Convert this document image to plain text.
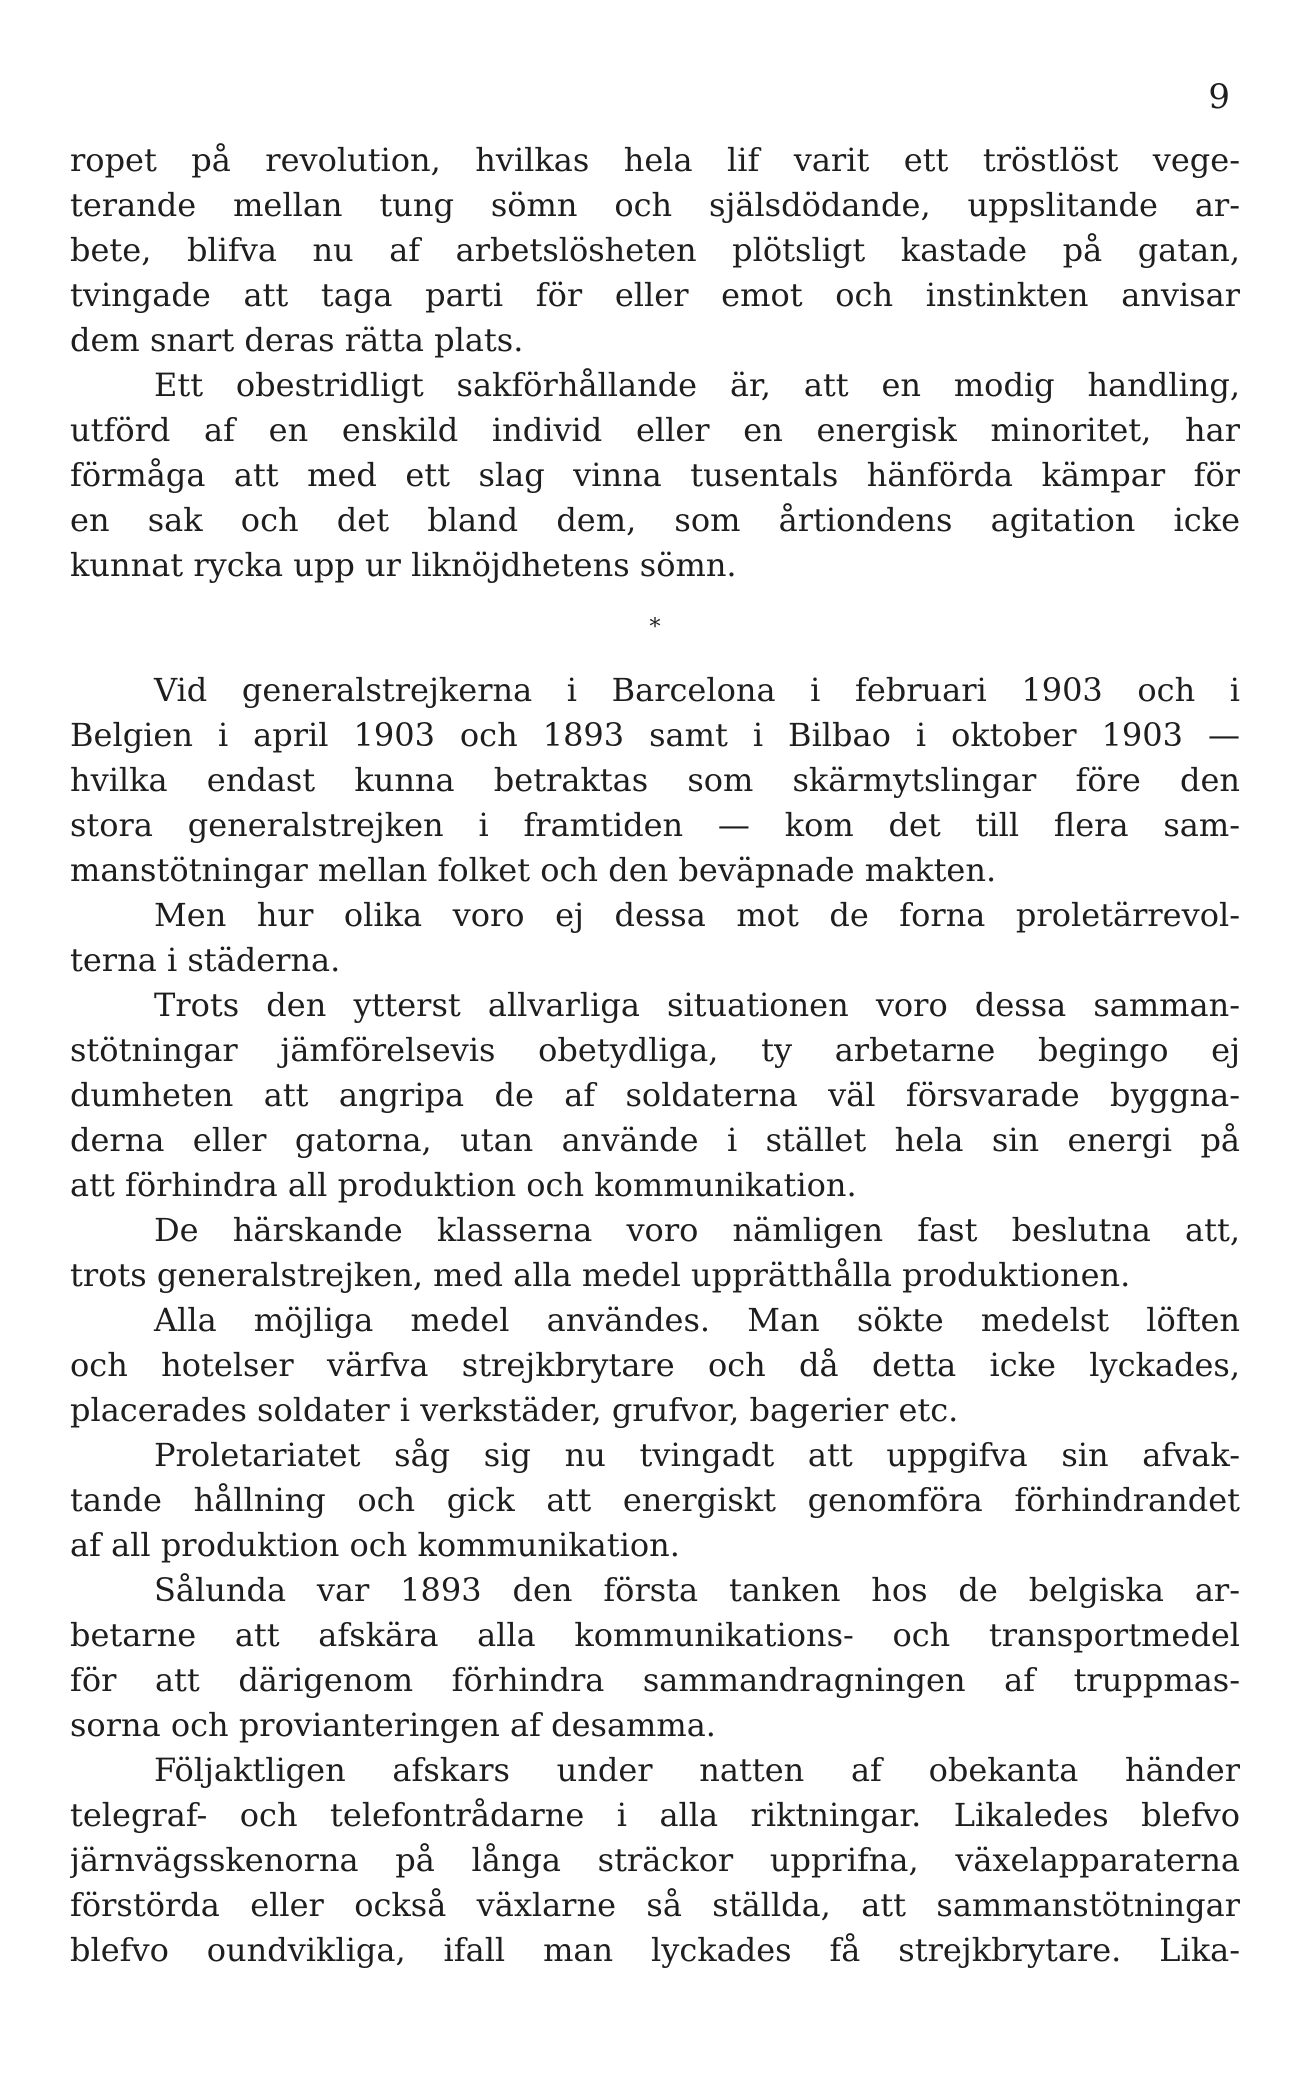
9
ropet på revolution, hvilkas hela lif varit ett tröstlöst vege-
terande mellan tung sömn och själsdödande, uppslitande ar-
bete, blifva nu af arbetslösheten plötsligt kastade på gatan,
tvingade att taga parti för eller emot och instinkten anvisar
dem snart deras rätta plats.
Ett obestridligt sakförhållande är, att en modig handling,
utförd af en enskild individ eller en energisk minoritet, har
förmåga att med ett slag vinna tusentals hänförda kämpar för
en sak och det bland dem, som årtiondens agitation icke
kunnat rycka upp ur liknöjdhetens sömn.
*
Vid generalstrejkerna i Barcelona i februari 1903 och i
Belgien i april 1903 och 1893 samt i Bilbao i oktober 1903 —
hvilka endast kunna betraktas som skärmytslingar före den
stora generalstrejken i framtiden — kom det till flera sam-
manstötningar mellan folket och den beväpnade makten.
Men hur olika voro ej dessa mot de forna proletärrevol-
terna i städerna.
Trots den ytterst allvarliga situationen voro dessa samman-
stötningar jämförelsevis obetydliga, ty arbetarne begingo ej
dumheten att angripa de af soldaterna väl försvarade byggna-
derna eller gatorna, utan använde i stället hela sin energi på
att förhindra all produktion och kommunikation.
De härskande klasserna voro nämligen fast beslutna att,
trots generalstrejken, med alla medel upprätthålla produktionen.
Alla möjliga medel användes. Man sökte medelst löften
och hotelser värfva strejkbrytare och då detta icke lyckades,
placerades soldater i verkstäder, grufvor, bagerier etc.
Proletariatet såg sig nu tvingadt att uppgifva sin afvak-
tande hållning och gick att energiskt genomföra förhindrandet
af all produktion och kommunikation.
Sålunda var 1893 den första tanken hos de belgiska ar-
betarne att afskära alla kommunikations- och transportmedel
för att därigenom förhindra sammandragningen af truppmas-
sorna och provianteringen af desamma.
Följaktligen afskars under natten af obekanta händer
telegraf- och telefontrådarne i alla riktningar. Likaledes blefvo
järnvägsskenorna på långa sträckor upprifna, växelapparaterna
förstörda eller också växlarne så ställda, att sammanstötningar
blefvo oundvikliga, ifall man lyckades få strejkbrytare. Lika-
